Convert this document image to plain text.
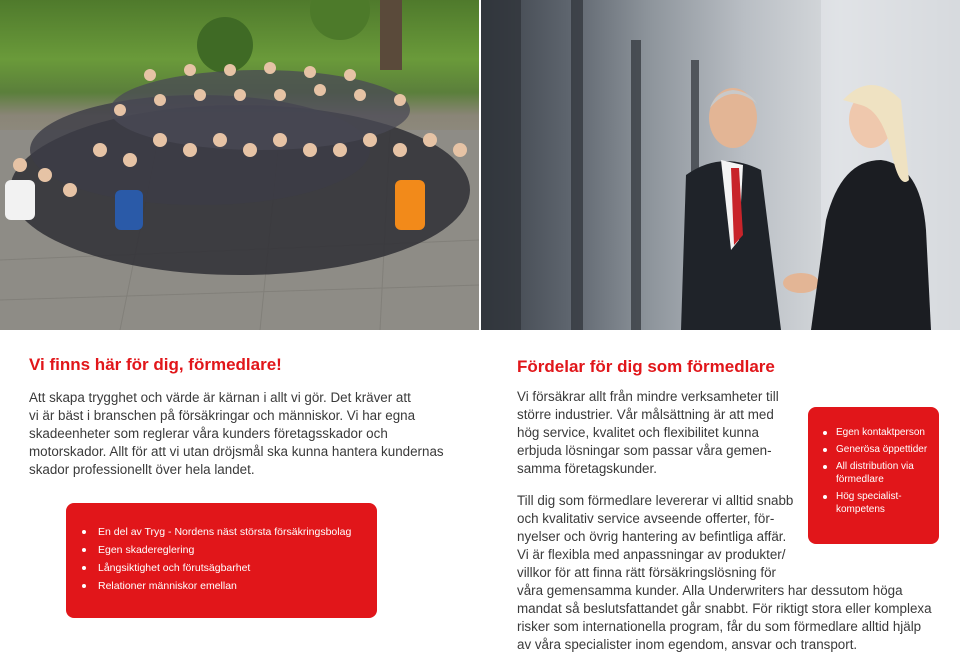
Vi finns här för dig, förmedlare!

Att skapa trygghet och värde är kärnan i allt vi gör. Det kräver att
vi är bäst i branschen på försäkringar och människor. Vi har egna
skadeenheter som reglerar våra kunders företagsskador och
motorskador. Allt för att vi utan dröjsmål ska kunna hantera kundernas
skador professionellt över hela landet.

En del av Tryg - Nordens näst största försäkringsbolag
Egen skadereglering
Långsiktighet och förutsägbarhet
Relationer människor emellan
Fördelar för dig som förmedlare

Vi försäkrar allt från mindre verksamheter till
större industrier. Vår målsättning är att med
hög service, kvalitet och flexibilitet kunna
erbjuda lösningar som passar våra gemen-
samma företagskunder.

Till dig som förmedlare levererar vi alltid snabb
och kvalitativ service avseende offerter, för-
nyelser och övrig hantering av befintliga affär.
Vi är flexibla med anpassningar av produkter/
villkor för att finna rätt försäkringslösning för
våra gemensamma kunder. Alla Underwriters har dessutom höga
mandat så beslutsfattandet går snabbt. För riktigt stora eller komplexa
risker som internationella program, får du som förmedlare alltid hjälp
av våra specialister inom egendom, ansvar och transport.

Egen kontaktperson
Generösa öppettider
All distribution via förmedlare
Hög specialist-kompetens
